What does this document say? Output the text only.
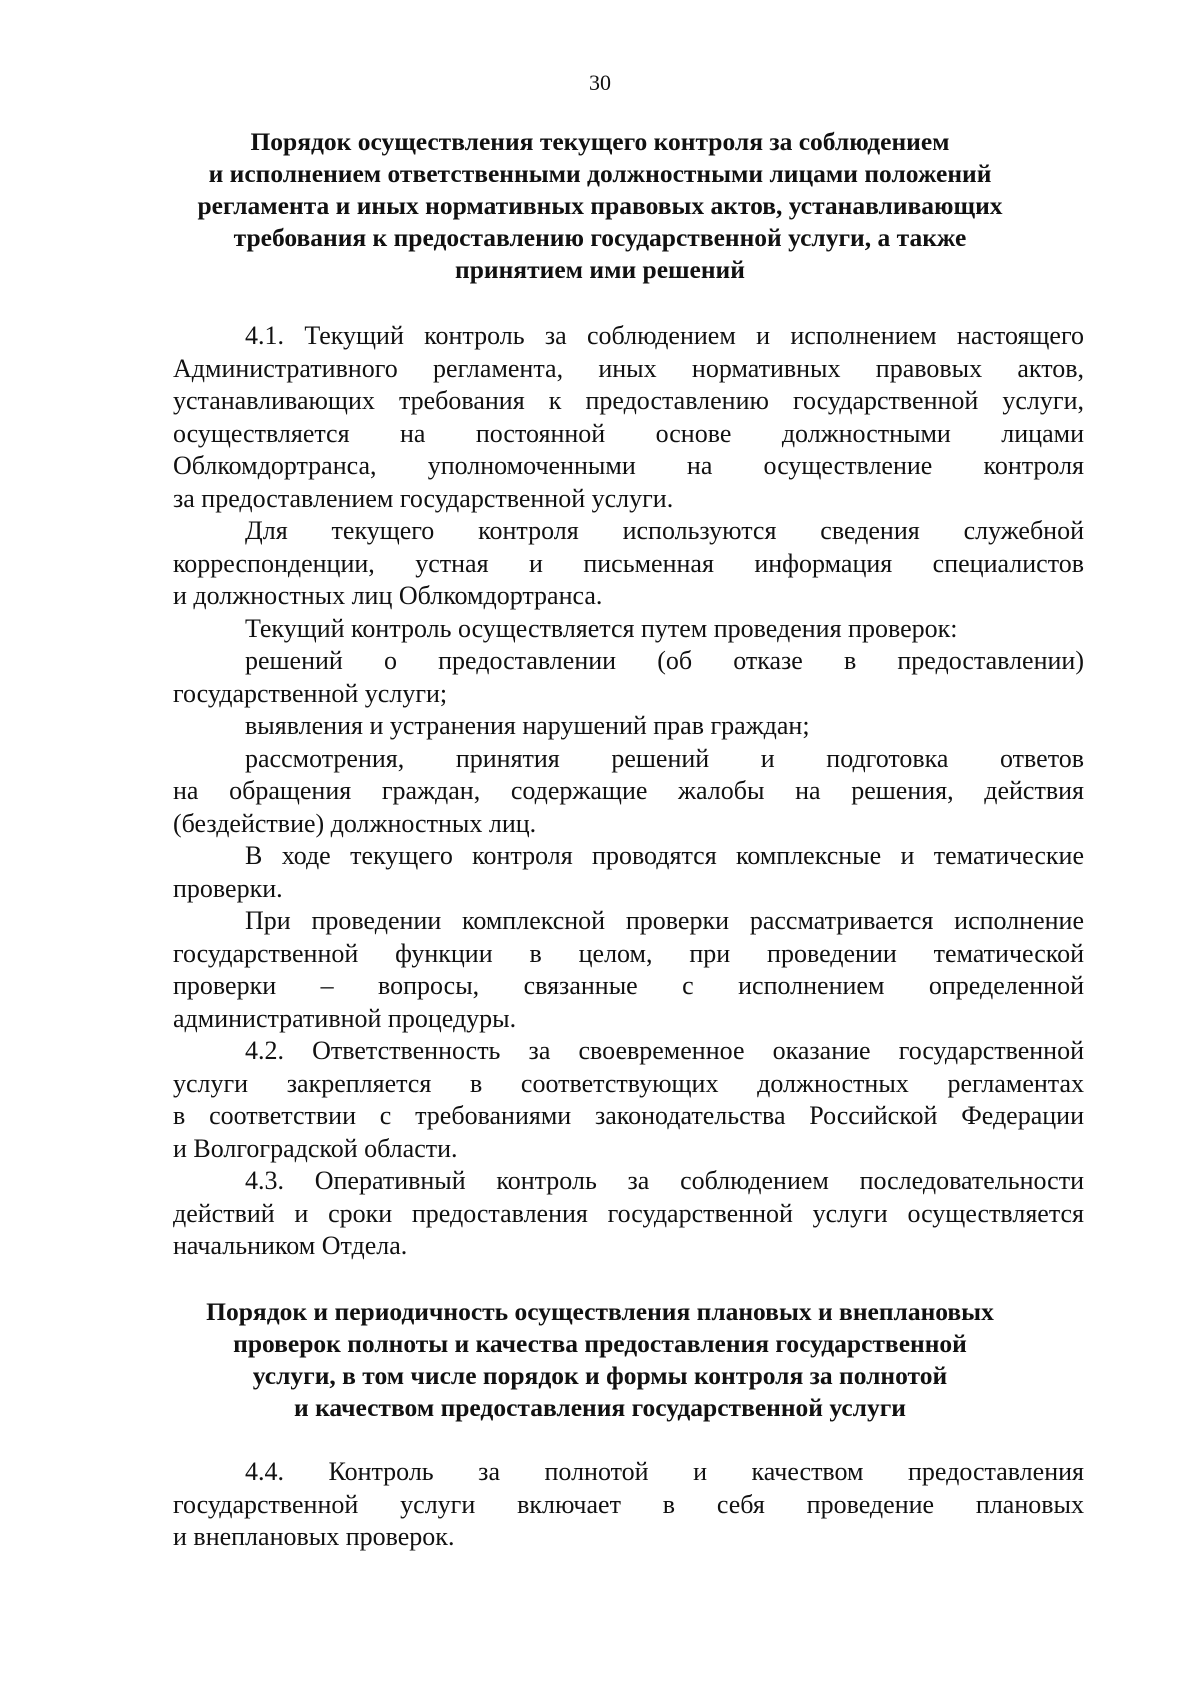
30
Порядок осуществления текущего контроля за соблюдением
и исполнением ответственными должностными лицами положений
регламента и иных нормативных правовых актов, устанавливающих
требования к предоставлению государственной услуги, а также
принятием ими решений
4.1. Текущий контроль за соблюдением и исполнением настоящего
Административного регламента, иных нормативных правовых актов,
устанавливающих требования к предоставлению государственной услуги,
осуществляется на постоянной основе должностными лицами
Облкомдортранса, уполномоченными на осуществление контроля
за предоставлением государственной услуги.
Для текущего контроля используются сведения служебной
корреспонденции, устная и письменная информация специалистов
и должностных лиц Облкомдортранса.
Текущий контроль осуществляется путем проведения проверок:
решений о предоставлении (об отказе в предоставлении)
государственной услуги;
выявления и устранения нарушений прав граждан;
рассмотрения, принятия решений и подготовка ответов
на обращения граждан, содержащие жалобы на решения, действия
(бездействие) должностных лиц.
В ходе текущего контроля проводятся комплексные и тематические
проверки.
При проведении комплексной проверки рассматривается исполнение
государственной функции в целом, при проведении тематической
проверки – вопросы, связанные с исполнением определенной
административной процедуры.
4.2. Ответственность за своевременное оказание государственной
услуги закрепляется в соответствующих должностных регламентах
в соответствии с требованиями законодательства Российской Федерации
и Волгоградской области.
4.3. Оперативный контроль за соблюдением последовательности
действий и сроки предоставления государственной услуги осуществляется
начальником Отдела.
Порядок и периодичность осуществления плановых и внеплановых
проверок полноты и качества предоставления государственной
услуги, в том числе порядок и формы контроля за полнотой
и качеством предоставления государственной услуги
4.4. Контроль за полнотой и качеством предоставления
государственной услуги включает в себя проведение плановых
и внеплановых проверок.
